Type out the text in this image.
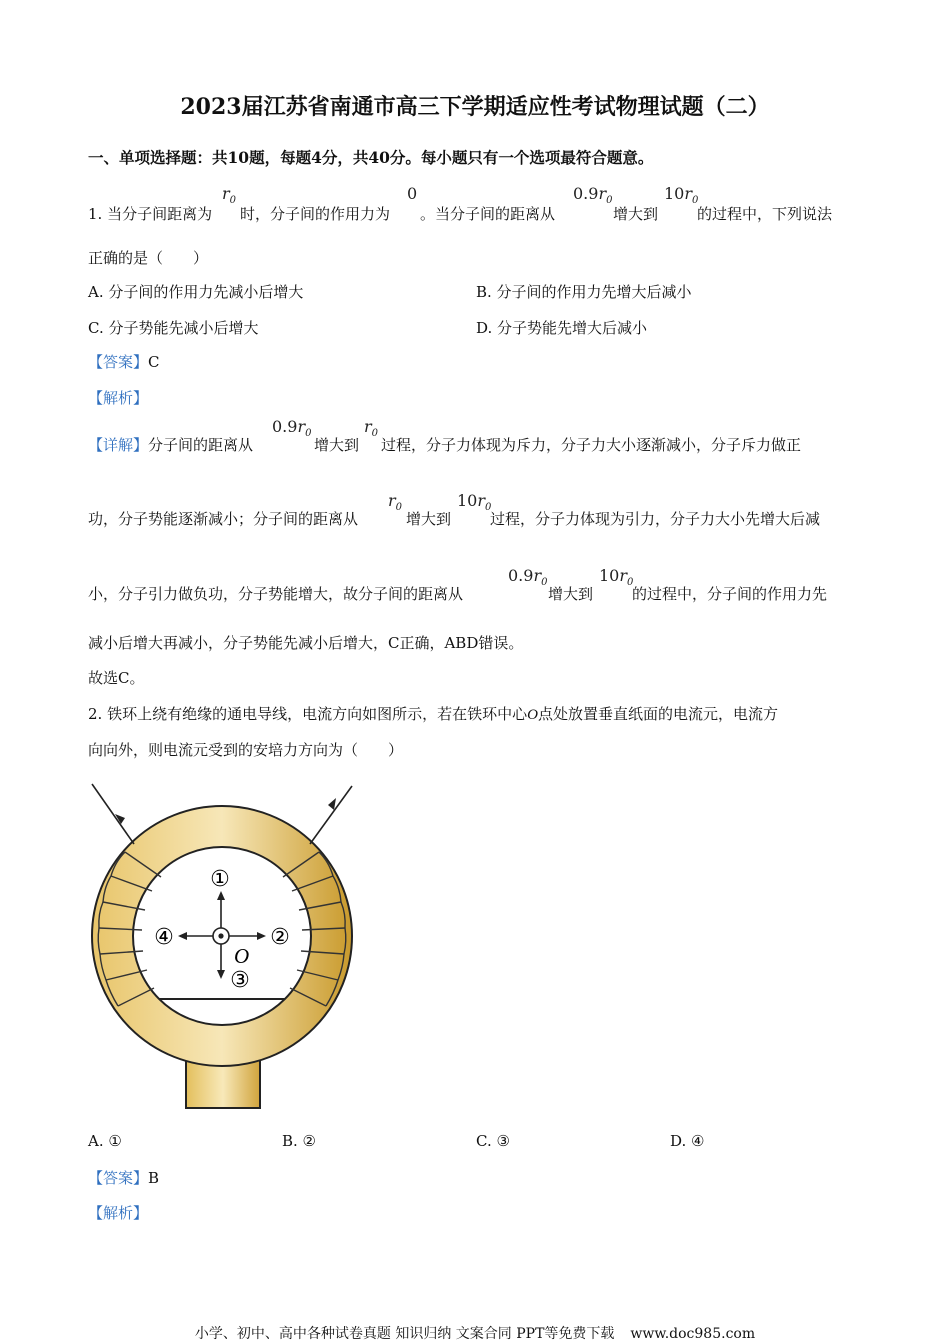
2023届江苏省南通市高三下学期适应性考试物理试题（二）
一、单项选择题：共10题，每题4分，共40分。每小题只有一个选项最符合题意。
1. 当分子间距离为
$r_0$
时，分子间的作用力为
0
。当分子间的距离从
$0.9r_0$
增大到
$10r_0$
的过程中，下列说法
正确的是（　　）
A. 分子间的作用力先减小后增大	B. 分子间的作用力先增大后减小
C. 分子势能先减小后增大	D. 分子势能先增大后减小
【答案】C
【解析】
【详解】分子间的距离从
$0.9r_0$
增大到
$r_0$
过程，分子力体现为斥力，分子力大小逐渐减小，分子斥力做正
功，分子势能逐渐减小；分子间的距离从
$r_0$
增大到
$10r_0$
过程，分子力体现为引力，分子力大小先增大后减
小，分子引力做负功，分子势能增大，故分子间的距离从
$0.9r_0$
增大到
$10r_0$
的过程中，分子间的作用力先
减小后增大再减小，分子势能先减小后增大，C正确，ABD错误。
故选C。
2. 铁环上绕有绝缘的通电导线，电流方向如图所示，若在铁环中心O点处放置垂直纸面的电流元，电流方
向向外，则电流元受到的安培力方向为（　　）
①
②
③
④
O
A. ①	B. ②	C. ③	D. ④
【答案】B
【解析】
小学、初中、高中各种试卷真题 知识归纳 文案合同 PPT等免费下载 www.doc985.com
